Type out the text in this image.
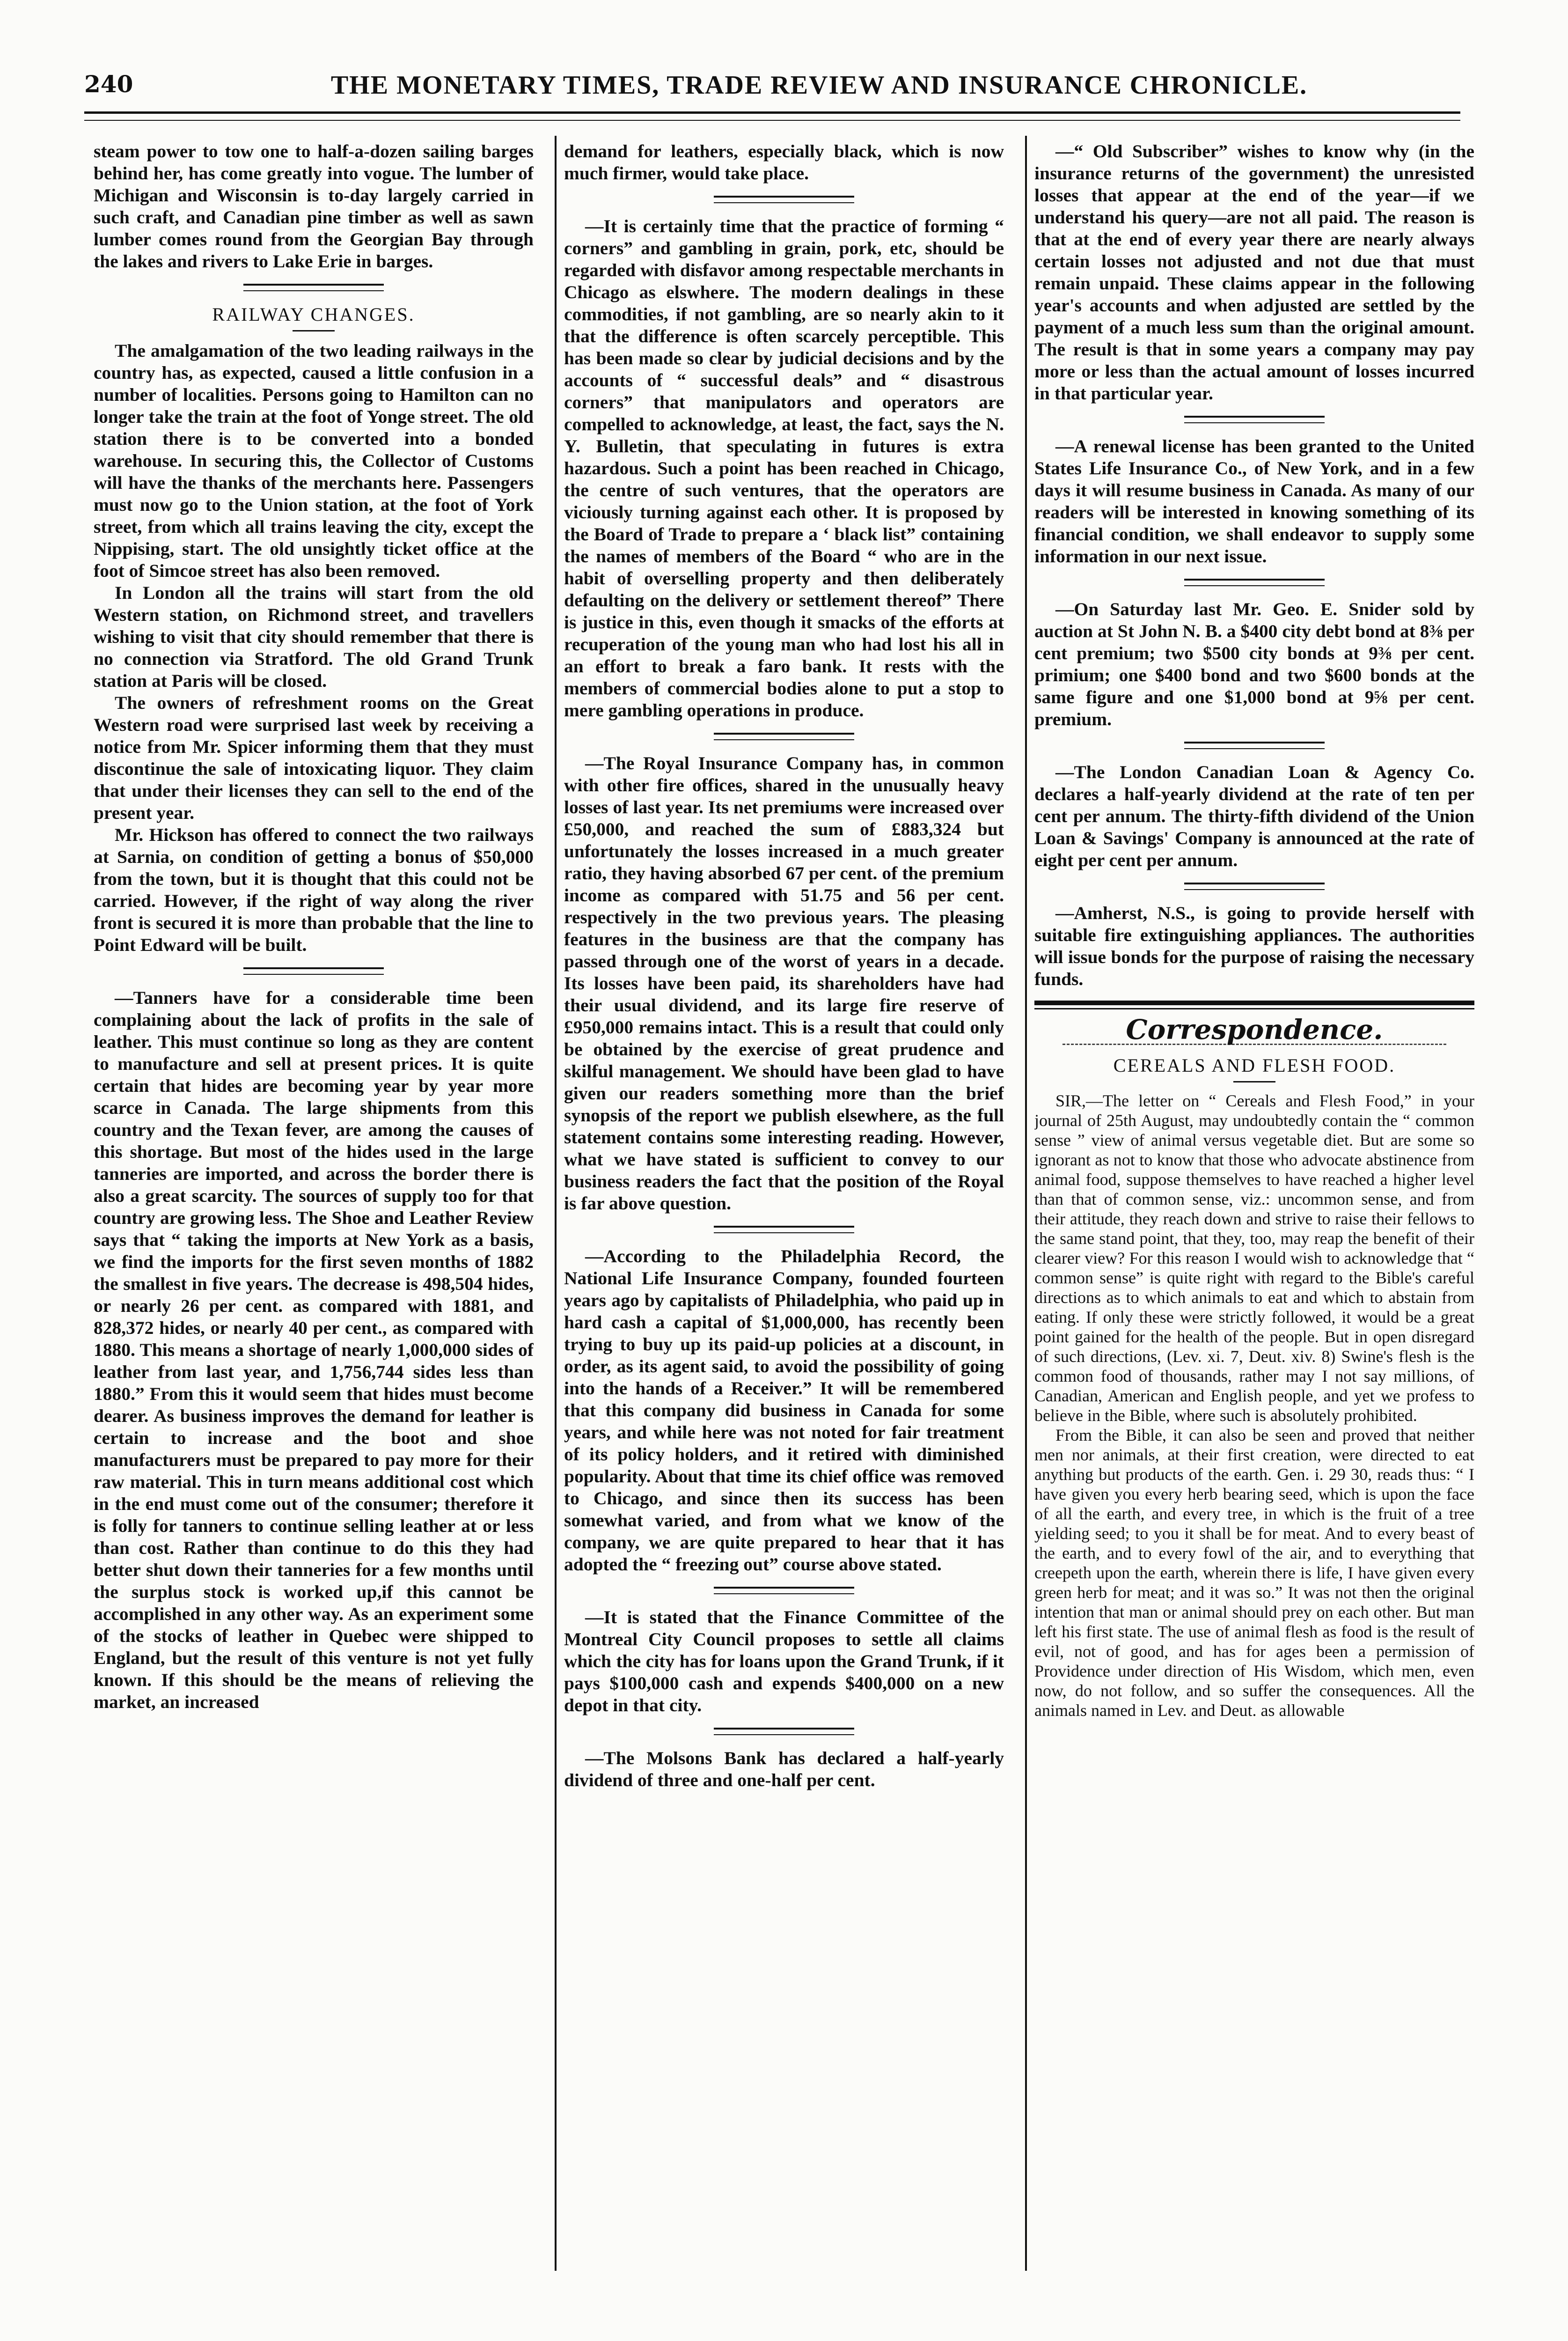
240	THE MONETARY TIMES, TRADE REVIEW AND INSURANCE CHRONICLE.

steam power to tow one to half-a-dozen sailing barges behind her, has come greatly into vogue. The lumber of Michigan and Wisconsin is to-day largely carried in such craft, and Canadian pine timber as well as sawn lumber comes round from the Georgian Bay through the lakes and rivers to Lake Erie in barges.

RAILWAY CHANGES.

The amalgamation of the two leading railways in the country has, as expected, caused a little confusion in a number of localities. Persons going to Hamilton can no longer take the train at the foot of Yonge street. The old station there is to be converted into a bonded warehouse. In securing this, the Collector of Customs will have the thanks of the merchants here. Passengers must now go to the Union station, at the foot of York street, from which all trains leaving the city, except the Nippising, start. The old unsightly ticket office at the foot of Simcoe street has also been removed.

In London all the trains will start from the old Western station, on Richmond street, and travellers wishing to visit that city should remember that there is no connection via Stratford. The old Grand Trunk station at Paris will be closed.

The owners of refreshment rooms on the Great Western road were surprised last week by receiving a notice from Mr. Spicer informing them that they must discontinue the sale of intoxicating liquor. They claim that under their licenses they can sell to the end of the present year.

Mr. Hickson has offered to connect the two railways at Sarnia, on condition of getting a bonus of $50,000 from the town, but it is thought that this could not be carried. However, if the right of way along the river front is secured it is more than probable that the line to Point Edward will be built.

—Tanners have for a considerable time been complaining about the lack of profits in the sale of leather. This must continue so long as they are content to manufacture and sell at present prices. It is quite certain that hides are becoming year by year more scarce in Canada. The large shipments from this country and the Texan fever, are among the causes of this shortage. But most of the hides used in the large tanneries are imported, and across the border there is also a great scarcity. The sources of supply too for that country are growing less. The Shoe and Leather Review says that “ taking the imports at New York as a basis, we find the imports for the first seven months of 1882 the smallest in five years. The decrease is 498,504 hides, or nearly 26 per cent. as compared with 1881, and 828,372 hides, or nearly 40 per cent., as compared with 1880. This means a shortage of nearly 1,000,000 sides of leather from last year, and 1,756,744 sides less than 1880.” From this it would seem that hides must become dearer. As business improves the demand for leather is certain to increase and the boot and shoe manufacturers must be prepared to pay more for their raw material. This in turn means additional cost which in the end must come out of the consumer; therefore it is folly for tanners to continue selling leather at or less than cost. Rather than continue to do this they had better shut down their tanneries for a few months until the surplus stock is worked up,if this cannot be accomplished in any other way. As an experiment some of the stocks of leather in Quebec were shipped to England, but the result of this venture is not yet fully known. If this should be the means of relieving the market, an increased

demand for leathers, especially black, which is now much firmer, would take place.

—It is certainly time that the practice of forming “ corners” and gambling in grain, pork, etc, should be regarded with disfavor among respectable merchants in Chicago as elswhere. The modern dealings in these commodities, if not gambling, are so nearly akin to it that the difference is often scarcely perceptible. This has been made so clear by judicial decisions and by the accounts of “ successful deals” and “ disastrous corners” that manipulators and operators are compelled to acknowledge, at least, the fact, says the N. Y. Bulletin, that speculating in futures is extra hazardous. Such a point has been reached in Chicago, the centre of such ventures, that the operators are viciously turning against each other. It is proposed by the Board of Trade to prepare a ‘ black list” containing the names of members of the Board “ who are in the habit of overselling property and then deliberately defaulting on the delivery or settlement thereof” There is justice in this, even though it smacks of the efforts at recuperation of the young man who had lost his all in an effort to break a faro bank. It rests with the members of commercial bodies alone to put a stop to mere gambling operations in produce.

—The Royal Insurance Company has, in common with other fire offices, shared in the unusually heavy losses of last year. Its net premiums were increased over £50,000, and reached the sum of £883,324 but unfortunately the losses increased in a much greater ratio, they having absorbed 67 per cent. of the premium income as compared with 51.75 and 56 per cent. respectively in the two previous years. The pleasing features in the business are that the company has passed through one of the worst of years in a decade. Its losses have been paid, its shareholders have had their usual dividend, and its large fire reserve of £950,000 remains intact. This is a result that could only be obtained by the exercise of great prudence and skilful management. We should have been glad to have given our readers something more than the brief synopsis of the report we publish elsewhere, as the full statement contains some interesting reading. However, what we have stated is sufficient to convey to our business readers the fact that the position of the Royal is far above question.

—According to the Philadelphia Record, the National Life Insurance Company, founded fourteen years ago by capitalists of Philadelphia, who paid up in hard cash a capital of $1,000,000, has recently been trying to buy up its paid-up policies at a discount, in order, as its agent said, to avoid the possibility of going into the hands of a Receiver.” It will be remembered that this company did business in Canada for some years, and while here was not noted for fair treatment of its policy holders, and it retired with diminished popularity. About that time its chief office was removed to Chicago, and since then its success has been somewhat varied, and from what we know of the company, we are quite prepared to hear that it has adopted the “ freezing out” course above stated.

—It is stated that the Finance Committee of the Montreal City Council proposes to settle all claims which the city has for loans upon the Grand Trunk, if it pays $100,000 cash and expends $400,000 on a new depot in that city.

—The Molsons Bank has declared a half-yearly dividend of three and one-half per cent.

—“ Old Subscriber” wishes to know why (in the insurance returns of the government) the unresisted losses that appear at the end of the year—if we understand his query—are not all paid. The reason is that at the end of every year there are nearly always certain losses not adjusted and not due that must remain unpaid. These claims appear in the following year's accounts and when adjusted are settled by the payment of a much less sum than the original amount. The result is that in some years a company may pay more or less than the actual amount of losses incurred in that particular year.

—A renewal license has been granted to the United States Life Insurance Co., of New York, and in a few days it will resume business in Canada. As many of our readers will be interested in knowing something of its financial condition, we shall endeavor to supply some information in our next issue.

—On Saturday last Mr. Geo. E. Snider sold by auction at St John N. B. a $400 city debt bond at 8⅜ per cent premium; two $500 city bonds at 9⅜ per cent. primium; one $400 bond and two $600 bonds at the same figure and one $1,000 bond at 9⅝ per cent. premium.

—The London Canadian Loan & Agency Co. declares a half-yearly dividend at the rate of ten per cent per annum. The thirty-fifth dividend of the Union Loan & Savings' Company is announced at the rate of eight per cent per annum.

—Amherst, N.S., is going to provide herself with suitable fire extinguishing appliances. The authorities will issue bonds for the purpose of raising the necessary funds.

Correspondence.
CEREALS AND FLESH FOOD.

SIR,—The letter on “ Cereals and Flesh Food,” in your journal of 25th August, may undoubtedly contain the “ common sense ” view of animal versus vegetable diet. But are some so ignorant as not to know that those who advocate abstinence from animal food, suppose themselves to have reached a higher level than that of common sense, viz.: uncommon sense, and from their attitude, they reach down and strive to raise their fellows to the same stand point, that they, too, may reap the benefit of their clearer view? For this reason I would wish to acknowledge that “ common sense” is quite right with regard to the Bible's careful directions as to which animals to eat and which to abstain from eating. If only these were strictly followed, it would be a great point gained for the health of the people. But in open disregard of such directions, (Lev. xi. 7, Deut. xiv. 8) Swine's flesh is the common food of thousands, rather may I not say millions, of Canadian, American and English people, and yet we profess to believe in the Bible, where such is absolutely prohibited.

From the Bible, it can also be seen and proved that neither men nor animals, at their first creation, were directed to eat anything but products of the earth. Gen. i. 29 30, reads thus: “ I have given you every herb bearing seed, which is upon the face of all the earth, and every tree, in which is the fruit of a tree yielding seed; to you it shall be for meat. And to every beast of the earth, and to every fowl of the air, and to everything that creepeth upon the earth, wherein there is life, I have given every green herb for meat; and it was so.” It was not then the original intention that man or animal should prey on each other. But man left his first state. The use of animal flesh as food is the result of evil, not of good, and has for ages been a permission of Providence under direction of His Wisdom, which men, even now, do not follow, and so suffer the consequences. All the animals named in Lev. and Deut. as allowable
